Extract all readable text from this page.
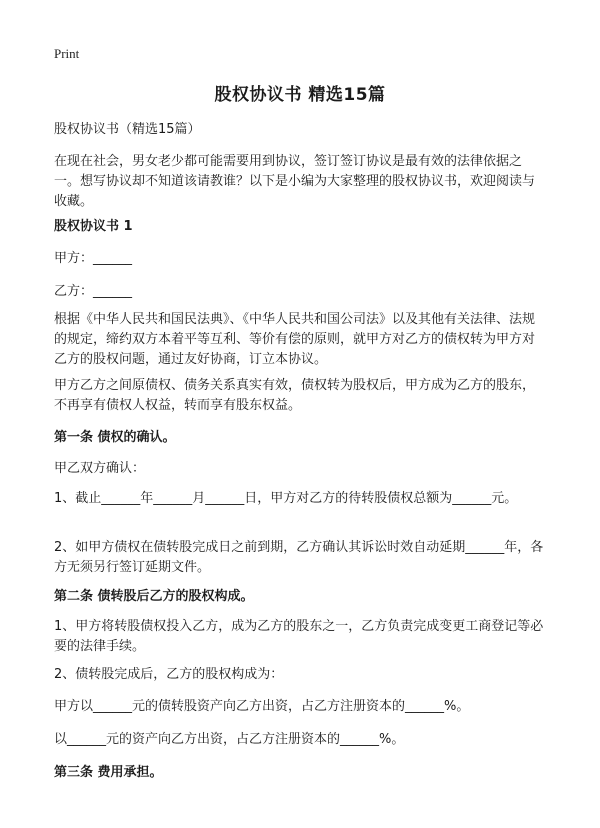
Print
股权协议书 精选15篇

股权协议书（精选15篇）

在现在社会，男女老少都可能需要用到协议，签订签订协议是最有效的法律依据之一。想写协议却不知道该请教谁？以下是小编为大家整理的股权协议书，欢迎阅读与收藏。

股权协议书 1

甲方：______

乙方：______

根据《中华人民共和国民法典》、《中华人民共和国公司法》以及其他有关法律、法规的规定，缔约双方本着平等互利、等价有偿的原则，就甲方对乙方的债权转为甲方对乙方的股权问题，通过友好协商，订立本协议。

甲方乙方之间原债权、债务关系真实有效，债权转为股权后，甲方成为乙方的股东，不再享有债权人权益，转而享有股东权益。

第一条 债权的确认。

甲乙双方确认：

1、截止______年______月______日，甲方对乙方的待转股债权总额为______元。

2、如甲方债权在债转股完成日之前到期，乙方确认其诉讼时效自动延期______年，各方无须另行签订延期文件。

第二条 债转股后乙方的股权构成。

1、甲方将转股债权投入乙方，成为乙方的股东之一，乙方负责完成变更工商登记等必要的法律手续。

2、债转股完成后，乙方的股权构成为：

甲方以______元的债转股资产向乙方出资，占乙方注册资本的______%。

以______元的资产向乙方出资，占乙方注册资本的______%。

第三条 费用承担。
